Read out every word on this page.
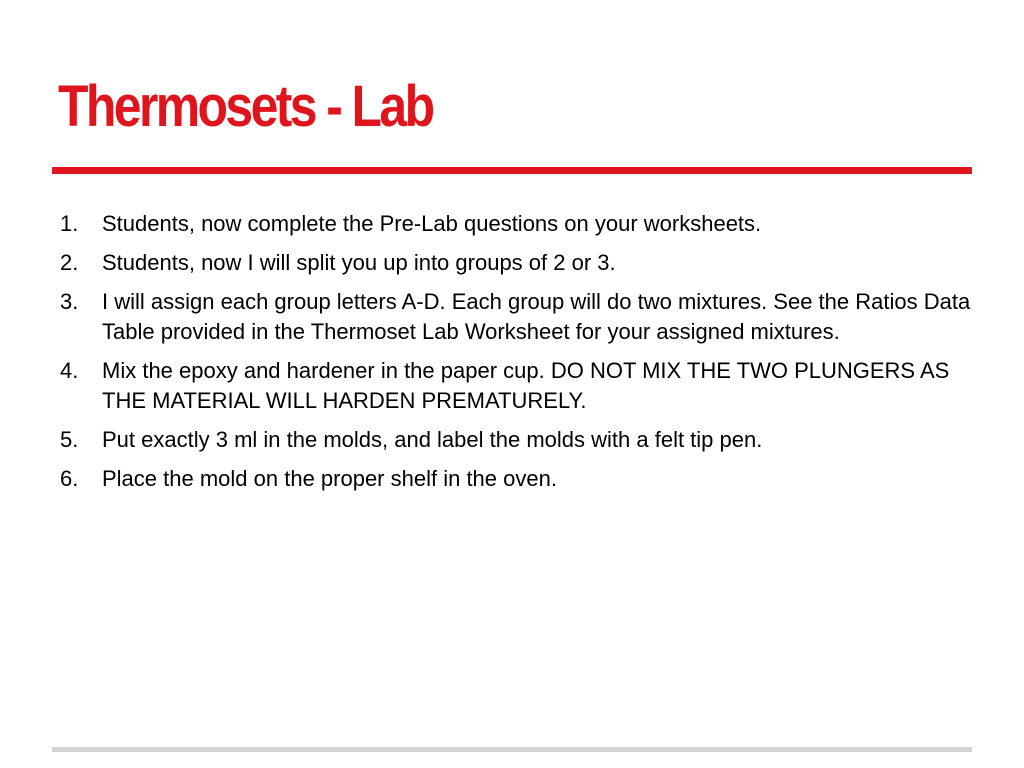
Thermosets - Lab
1.	Students, now complete the Pre-Lab questions on your worksheets.
2.	Students, now I will split you up into groups of 2 or 3.
3.	I will assign each group letters A-D. Each group will do two mixtures. See the Ratios Data Table provided in the Thermoset Lab Worksheet for your assigned mixtures.
4.	Mix the epoxy and hardener in the paper cup. DO NOT MIX THE TWO PLUNGERS AS THE MATERIAL WILL HARDEN PREMATURELY.
5.	Put exactly 3 ml in the molds, and label the molds with a felt tip pen.
6.	Place the mold on the proper shelf in the oven.
